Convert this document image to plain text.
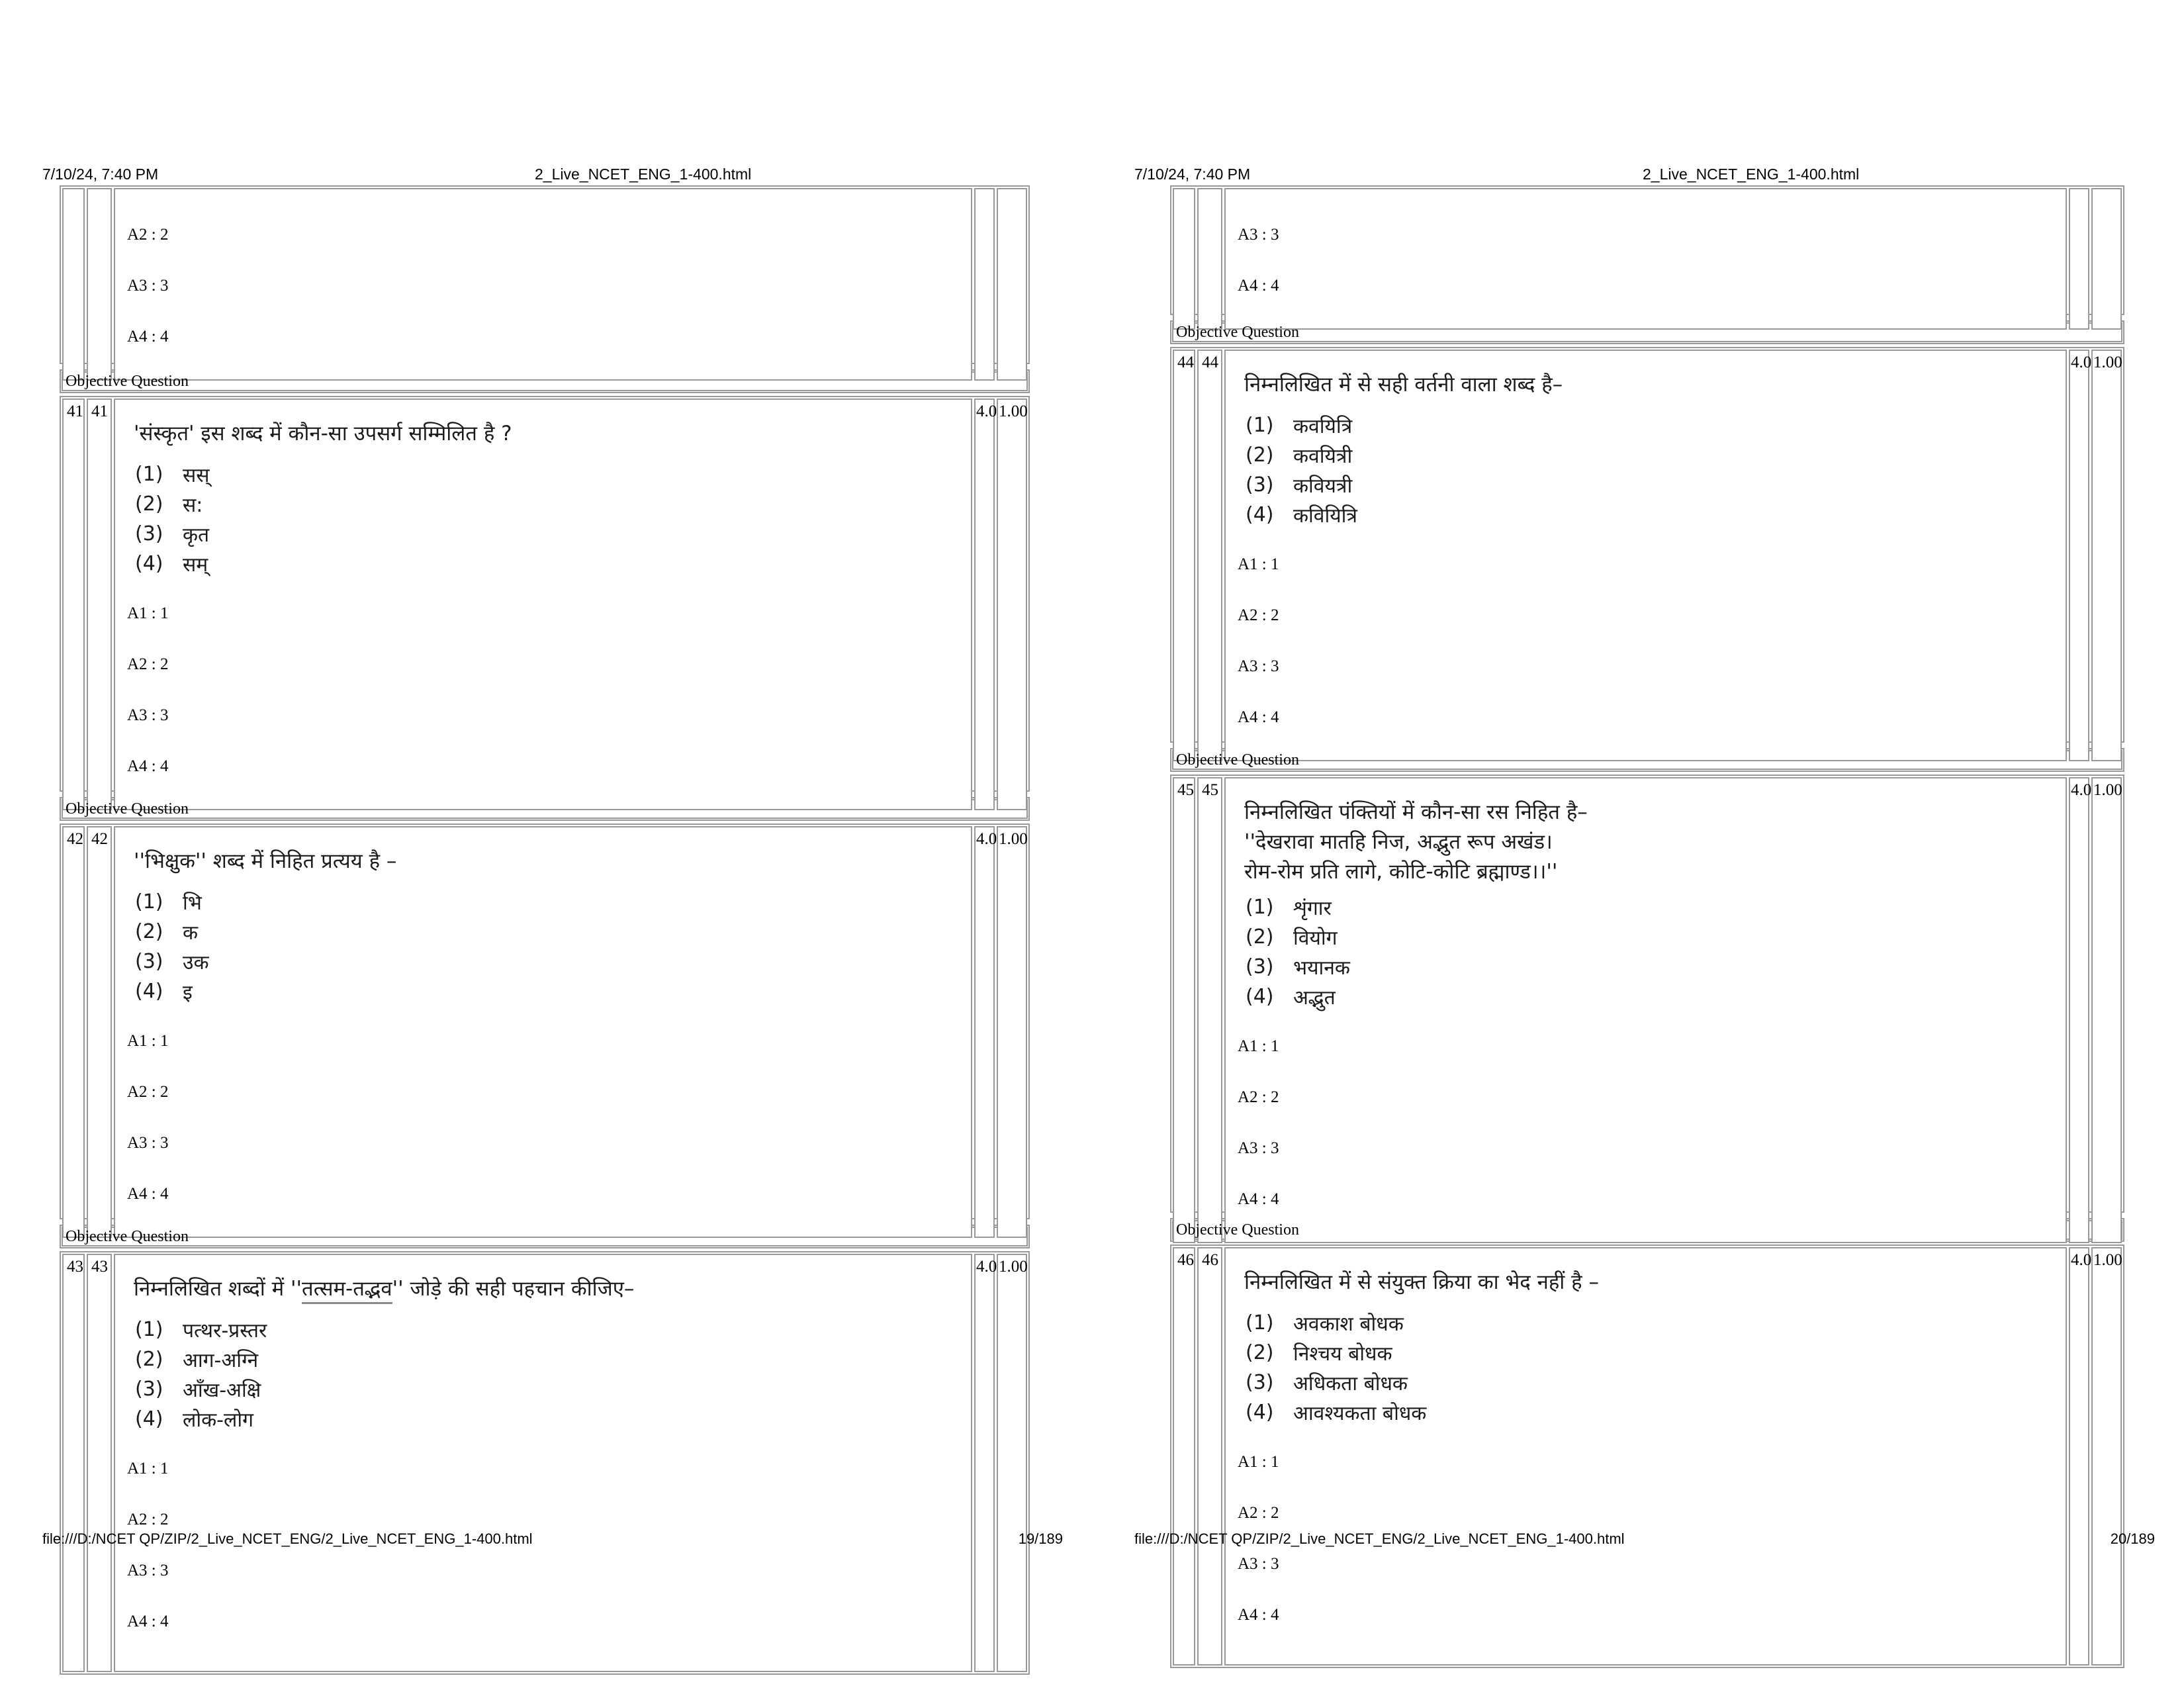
7/10/24, 7:40 PM	2_Live_NCET_ENG_1-400.html
A2 : 2
A3 : 3
A4 : 4
Objective Question
41 41
'संस्कृत' इस शब्द में कौन-सा उपसर्ग सम्मिलित है ?
(1) सस्
(2) स:
(3) कृत
(4) सम्
A1 : 1
A2 : 2
A3 : 3
A4 : 4
4.0 1.00
Objective Question
42 42
''भिक्षुक'' शब्द में निहित प्रत्यय है –
(1) भि
(2) क
(3) उक
(4) इ
A1 : 1
A2 : 2
A3 : 3
A4 : 4
4.0 1.00
Objective Question
43 43
निम्नलिखित शब्दों में ''तत्सम-तद्भव'' जोड़े की सही पहचान कीजिए–
(1) पत्थर-प्रस्तर
(2) आग-अग्नि
(3) आँख-अक्षि
(4) लोक-लोग
A1 : 1
A2 : 2
A3 : 3
A4 : 4
4.0 1.00
file:///D:/NCET QP/ZIP/2_Live_NCET_ENG/2_Live_NCET_ENG_1-400.html	19/189
7/10/24, 7:40 PM	2_Live_NCET_ENG_1-400.html
A3 : 3
A4 : 4
Objective Question
44 44
निम्नलिखित में से सही वर्तनी वाला शब्द है–
(1) कवयित्रि
(2) कवयित्री
(3) कवियत्री
(4) कवियित्रि
A1 : 1
A2 : 2
A3 : 3
A4 : 4
4.0 1.00
Objective Question
45 45
निम्नलिखित पंक्तियों में कौन-सा रस निहित है–
''देखरावा मातहि निज, अद्भुत रूप अखंड।
रोम-रोम प्रति लागे, कोटि-कोटि ब्रह्माण्ड।।''
(1) शृंगार
(2) वियोग
(3) भयानक
(4) अद्भुत
A1 : 1
A2 : 2
A3 : 3
A4 : 4
4.0 1.00
Objective Question
46 46
निम्नलिखित में से संयुक्त क्रिया का भेद नहीं है –
(1) अवकाश बोधक
(2) निश्चय बोधक
(3) अधिकता बोधक
(4) आवश्यकता बोधक
A1 : 1
A2 : 2
A3 : 3
A4 : 4
4.0 1.00
file:///D:/NCET QP/ZIP/2_Live_NCET_ENG/2_Live_NCET_ENG_1-400.html	20/189
